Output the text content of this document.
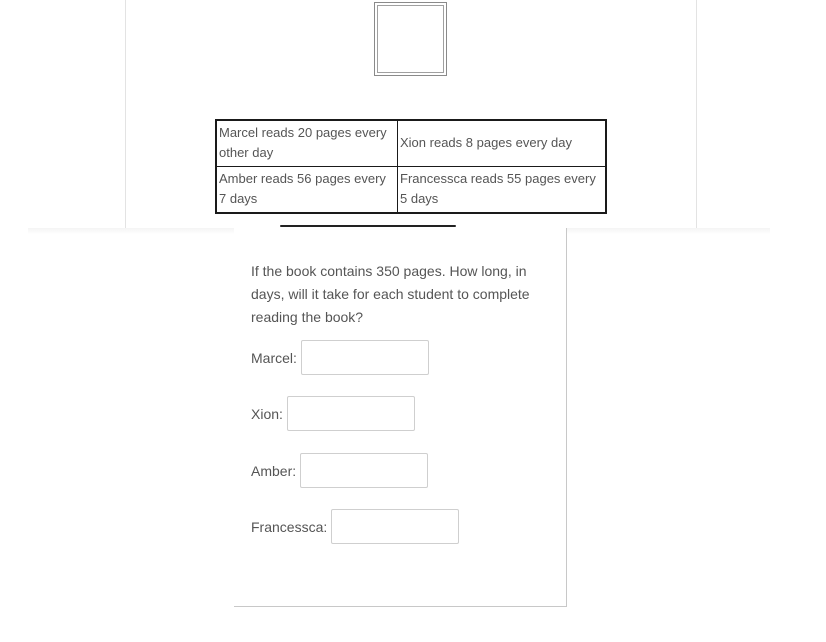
Marcel reads 20 pages every other day	Xion reads 8 pages every day
Amber reads 56 pages every 7 days	Francessca reads 55 pages every 5 days
If the book contains 350 pages. How long, in days, will it take for each student to complete reading the book?
Marcel:
Xion:
Amber:
Francessca:
